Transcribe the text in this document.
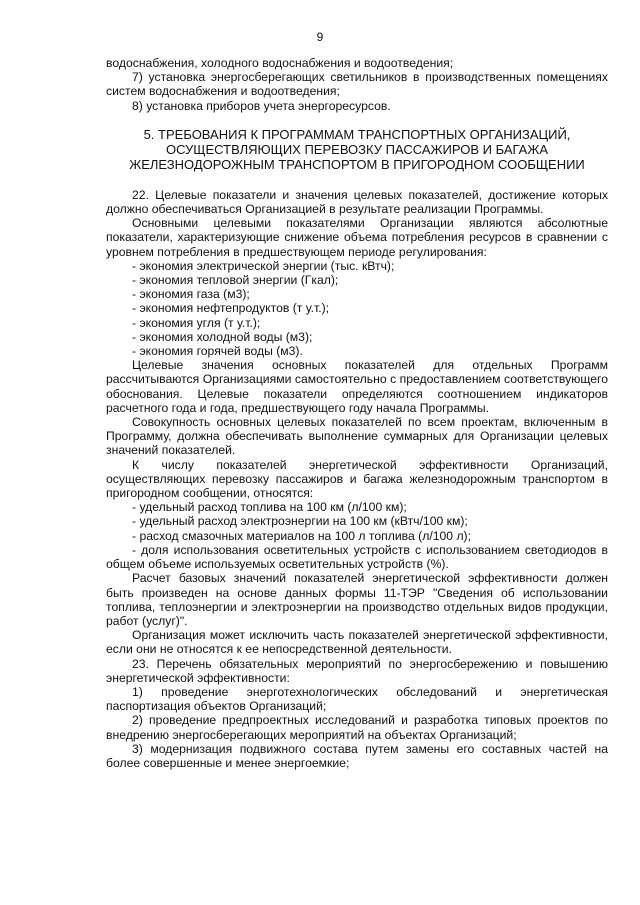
9

водоснабжения, холодного водоснабжения и водоотведения;

7) установка энергосберегающих светильников в производственных помещениях систем водоснабжения и водоотведения;

8) установка приборов учета энергоресурсов.

5. ТРЕБОВАНИЯ К ПРОГРАММАМ ТРАНСПОРТНЫХ ОРГАНИЗАЦИЙ, ОСУЩЕСТВЛЯЮЩИХ ПЕРЕВОЗКУ ПАССАЖИРОВ И БАГАЖА ЖЕЛЕЗНОДОРОЖНЫМ ТРАНСПОРТОМ В ПРИГОРОДНОМ СООБЩЕНИИ

22. Целевые показатели и значения целевых показателей, достижение которых должно обеспечиваться Организацией в результате реализации Программы.

Основными целевыми показателями Организации являются абсолютные показатели, характеризующие снижение объема потребления ресурсов в сравнении с уровнем потребления в предшествующем периоде регулирования:

- экономия электрической энергии (тыс. кВтч);

- экономия тепловой энергии (Гкал);

- экономия газа (м3);

- экономия нефтепродуктов (т у.т.);

- экономия угля (т у.т.);

- экономия холодной воды (м3);

- экономия горячей воды (м3).

Целевые значения основных показателей для отдельных Программ рассчитываются Организациями самостоятельно с предоставлением соответствующего обоснования. Целевые показатели определяются соотношением индикаторов расчетного года и года, предшествующего году начала Программы.

Совокупность основных целевых показателей по всем проектам, включенным в Программу, должна обеспечивать выполнение суммарных для Организации целевых значений показателей.

К числу показателей энергетической эффективности Организаций, осуществляющих перевозку пассажиров и багажа железнодорожным транспортом в пригородном сообщении, относятся:

- удельный расход топлива на 100 км (л/100 км);

- удельный расход электроэнергии на 100 км (кВтч/100 км);

- расход смазочных материалов на 100 л топлива (л/100 л);

- доля использования осветительных устройств с использованием светодиодов в общем объеме используемых осветительных устройств (%).

Расчет базовых значений показателей энергетической эффективности должен быть произведен на основе данных формы 11-ТЭР "Сведения об использовании топлива, теплоэнергии и электроэнергии на производство отдельных видов продукции, работ (услуг)".

Организация может исключить часть показателей энергетической эффективности, если они не относятся к ее непосредственной деятельности.

23. Перечень обязательных мероприятий по энергосбережению и повышению энергетической эффективности:

1) проведение энерготехнологических обследований и энергетическая паспортизация объектов Организаций;

2) проведение предпроектных исследований и разработка типовых проектов по внедрению энергосберегающих мероприятий на объектах Организаций;

3) модернизация подвижного состава путем замены его составных частей на более совершенные и менее энергоемкие;
